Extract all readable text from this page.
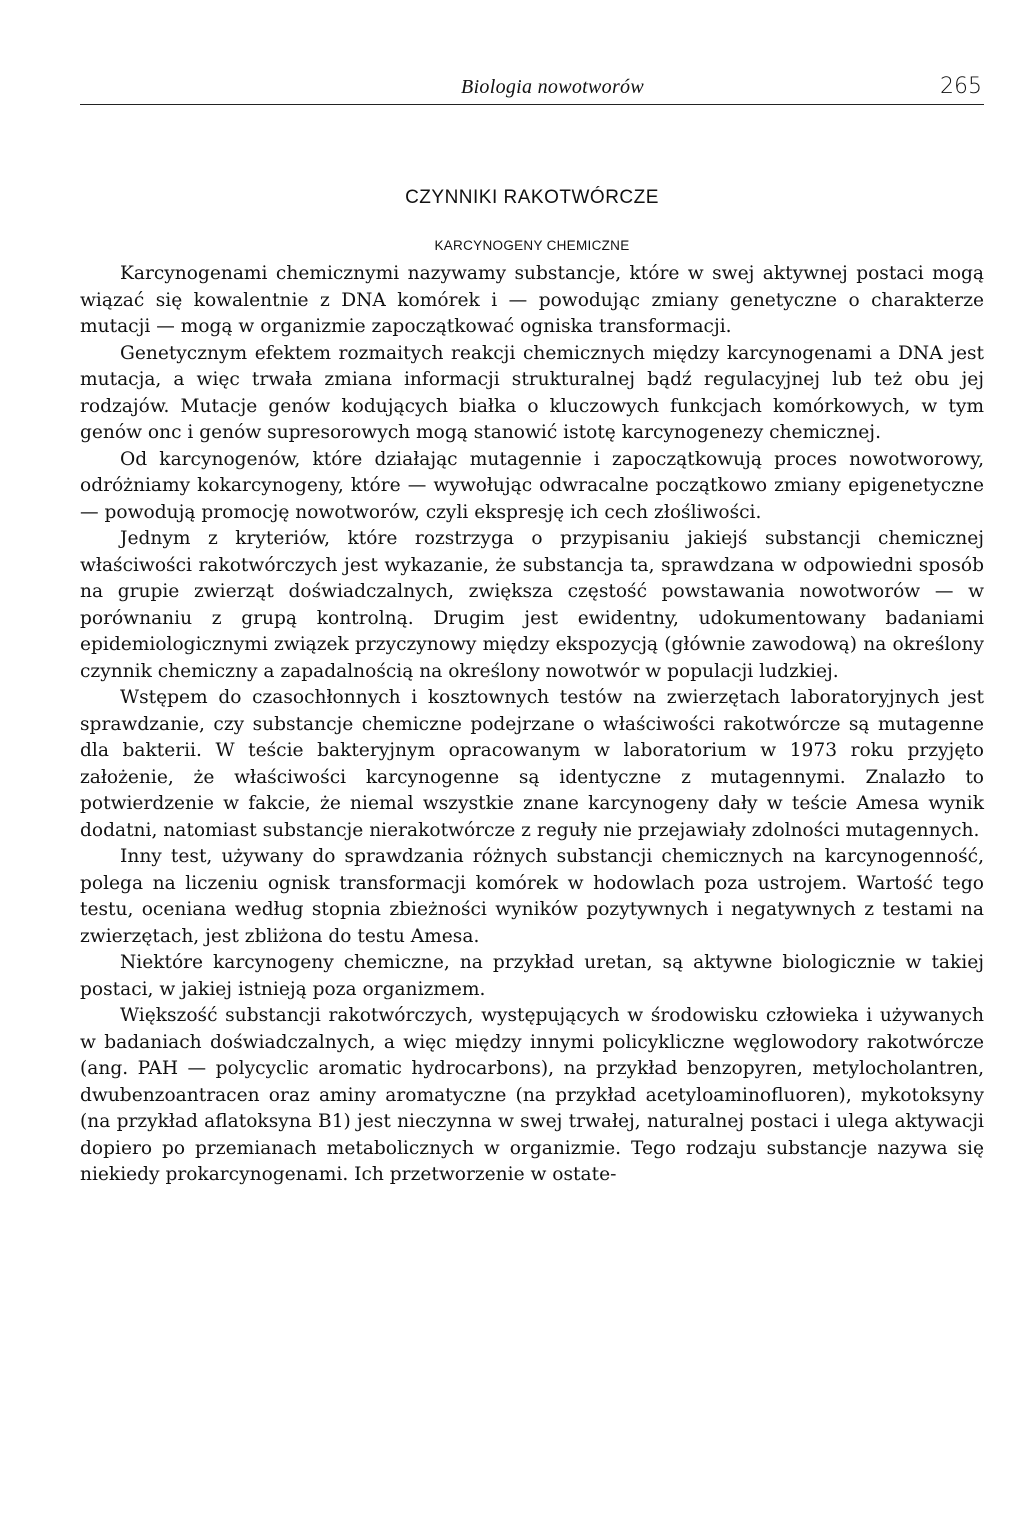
Biologia nowotworów	265
CZYNNIKI RAKOTWÓRCZE
KARCYNOGENY CHEMICZNE

Karcynogenami chemicznymi nazywamy substancje, które w swej aktywnej postaci mogą wiązać się kowalentnie z DNA komórek i — powodując zmiany genetyczne o charakterze mutacji — mogą w organizmie zapoczątkować ogniska transformacji.

Genetycznym efektem rozmaitych reakcji chemicznych między karcynogenami a DNA jest mutacja, a więc trwała zmiana informacji strukturalnej bądź regulacyjnej lub też obu jej rodzajów. Mutacje genów kodujących białka o kluczowych funkcjach komórkowych, w tym genów onc i genów supresorowych mogą stanowić istotę karcynogenezy chemicznej.

Od karcynogenów, które działając mutagennie i zapoczątkowują proces nowotworowy, odróżniamy kokarcynogeny, które — wywołując odwracalne początkowo zmiany epigenetyczne — powodują promocję nowotworów, czyli ekspresję ich cech złośliwości.

Jednym z kryteriów, które rozstrzyga o przypisaniu jakiejś substancji chemicznej właściwości rakotwórczych jest wykazanie, że substancja ta, sprawdzana w odpowiedni sposób na grupie zwierząt doświadczalnych, zwiększa częstość powstawania nowotworów — w porównaniu z grupą kontrolną. Drugim jest ewidentny, udokumentowany badaniami epidemiologicznymi związek przyczynowy między ekspozycją (głównie zawodową) na określony czynnik chemiczny a zapadalnością na określony nowotwór w populacji ludzkiej.

Wstępem do czasochłonnych i kosztownych testów na zwierzętach laboratoryjnych jest sprawdzanie, czy substancje chemiczne podejrzane o właściwości rakotwórcze są mutagenne dla bakterii. W teście bakteryjnym opracowanym w laboratorium w 1973 roku przyjęto założenie, że właściwości karcynogenne są identyczne z mutagennymi. Znalazło to potwierdzenie w fakcie, że niemal wszystkie znane karcynogeny dały w teście Amesa wynik dodatni, natomiast substancje nierakotwórcze z reguły nie przejawiały zdolności mutagennych.

Inny test, używany do sprawdzania różnych substancji chemicznych na karcynogenność, polega na liczeniu ognisk transformacji komórek w hodowlach poza ustrojem. Wartość tego testu, oceniana według stopnia zbieżności wyników pozytywnych i negatywnych z testami na zwierzętach, jest zbliżona do testu Amesa.

Niektóre karcynogeny chemiczne, na przykład uretan, są aktywne biologicznie w takiej postaci, w jakiej istnieją poza organizmem.

Większość substancji rakotwórczych, występujących w środowisku człowieka i używanych w badaniach doświadczalnych, a więc między innymi policykliczne węglowodory rakotwórcze (ang. PAH — polycyclic aromatic hydrocarbons), na przykład benzopyren, metylocholantren, dwubenzoantracen oraz aminy aromatyczne (na przykład acetyloaminofluoren), mykotoksyny (na przykład aflatoksyna B1) jest nieczynna w swej trwałej, naturalnej postaci i ulega aktywacji dopiero po przemianach metabolicznych w organizmie. Tego rodzaju substancje nazywa się niekiedy prokarcynogenami. Ich przetworzenie w ostate-
